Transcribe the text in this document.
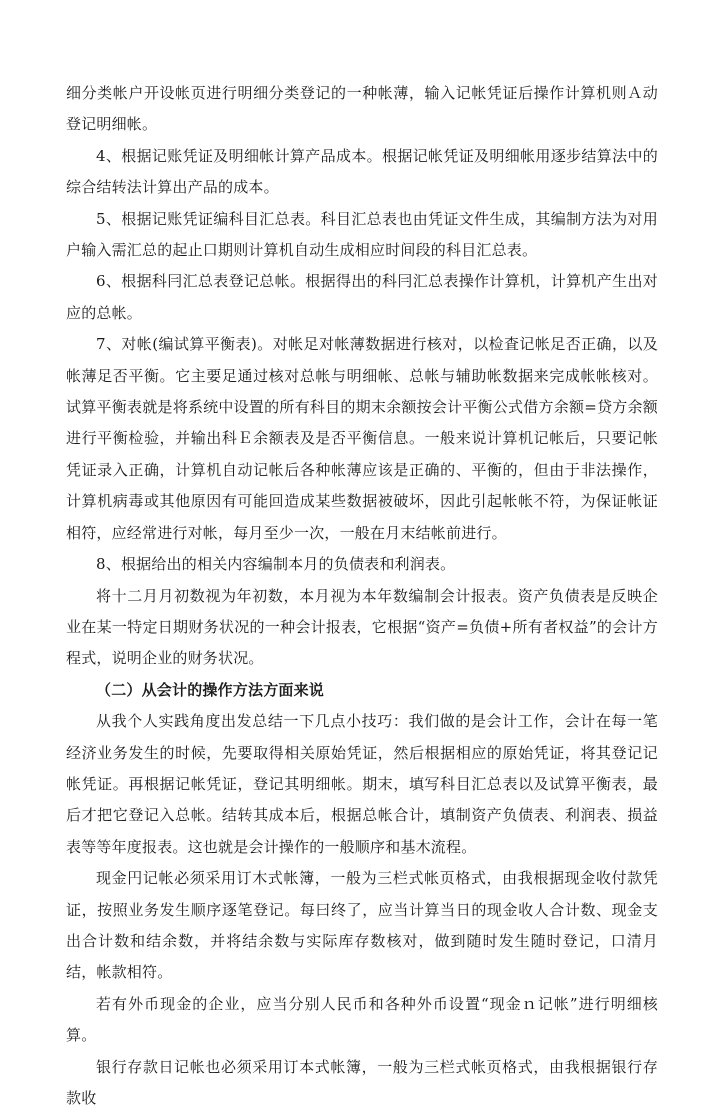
细分类帐户开设帐页进行明细分类登记的一种帐薄，输入记帐凭证后操作计算机则Ａ动登记明细帐。

4、根据记账凭证及明细帐计算产品成本。根据记帐凭证及明细帐用逐步结算法中的综合结转法计算出产品的成本。

5、根据记账凭证编科目汇总表。科目汇总表也由凭证文件生成，其编制方法为对用户输入需汇总的起止口期则计算机自动生成相应时间段的科目汇总表。

6、根据科冃汇总表登记总帐。根据得出的科冃汇总表操作计算机，计算机产生出对应的总帐。

7、对帐(编试算平衡表)。对帐足对帐薄数据进行核对，以检査记帐足否正确，以及帐薄足否平衡。它主要足通过核对总帐与明细帐、总帐与辅助帐数据来完成帐帐核对。试算平衡表就是将系统中设置的所有科目的期末余额按会计平衡公式借方余额=贷方余额进行平衡检验，并输出科Ｅ余额表及是否平衡信息。一般来说计算机记帐后，只要记帐凭证录入正确，计算机自动记帐后各种帐薄应该是正确的、平衡的，但由于非法操作，计算机病毒或其他原因有可能回造成某些数据被破坏，因此引起帐帐不符，为保证帐证相符，应经常进行对帐，每月至少一次，一般在月末结帐前进行。

8、根据给出的相关内容编制本月的负债表和利润表。

将十二月月初数视为年初数，本月视为本年数编制会计报表。资产负债表是反映企业在某一特定日期财务状况的一种会计报表，它根据“资产=负债+所有者权益”的会计方程式，说明企业的财务状况。

（二）从会计的操作方法方面来说

从我个人实践角度出发总结一下几点小技巧：我们做的是会计工作，会计在每一笔经济业务发生的时候，先要取得相关原始凭证，然后根据相应的原始凭证，将其登记记帐凭证。再根据记帐凭证，登记其明细帐。期末，填写科目汇总表以及试算平衡表，最后才把它登记入总帐。结转其成本后，根据总帐合计，填制资产负债表、利润表、损益表等等年度报表。这也就是会计操作的一般顺序和基木流程。

现金円记帐必须采用订木式帐簿，一般为三栏式帐页格式，由我根据现金收付款凭证，按照业务发生顺序逐笔登记。每曰终了，应当计算当日的现金收人合计数、现金支出合计数和结余数，并将结余数与实际库存数核对，做到随时发生随时登记，口清月结，帐款相符。

若有外币现金的企业，应当分别人民币和各种外币设置“现金ｎ记帐”进行明细核算。

银行存款日记帐也必须采用订本式帐簿，一般为三栏式帐页格式，由我根据银行存款收
